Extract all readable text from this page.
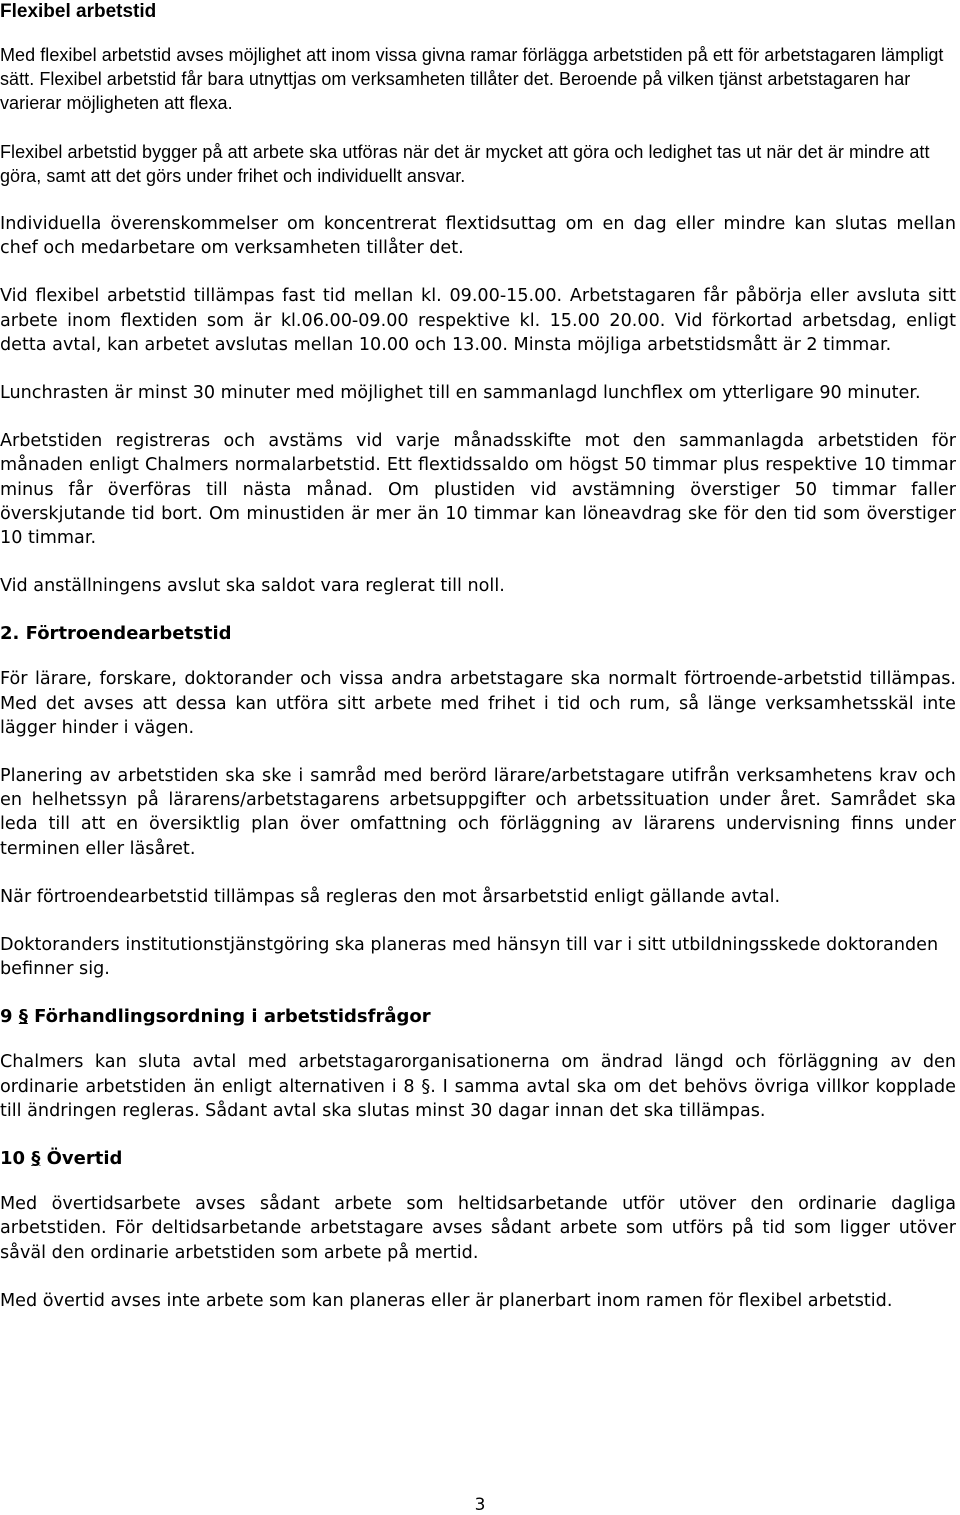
Flexibel arbetstid

Med flexibel arbetstid avses möjlighet att inom vissa givna ramar förlägga arbetstiden på ett för arbetstagaren lämpligt sätt. Flexibel arbetstid får bara utnyttjas om verksamheten tillåter det. Beroende på vilken tjänst arbetstagaren har varierar möjligheten att flexa.

Flexibel arbetstid bygger på att arbete ska utföras när det är mycket att göra och ledighet tas ut när det är mindre att göra, samt att det görs under frihet och individuellt ansvar.

Individuella överenskommelser om koncentrerat flextidsuttag om en dag eller mindre kan slutas mellan chef och medarbetare om verksamheten tillåter det.

Vid flexibel arbetstid tillämpas fast tid mellan kl. 09.00-15.00. Arbetstagaren får påbörja eller avsluta sitt arbete inom flextiden som är kl.06.00-09.00 respektive kl. 15.00 20.00. Vid förkortad arbetsdag, enligt detta avtal, kan arbetet avslutas mellan 10.00 och 13.00. Minsta möjliga arbetstidsmått är 2 timmar.

Lunchrasten är minst 30 minuter med möjlighet till en sammanlagd lunchflex om ytterligare 90 minuter.

Arbetstiden registreras och avstäms vid varje månadsskifte mot den sammanlagda arbetstiden för månaden enligt Chalmers normalarbetstid. Ett flextidssaldo om högst 50 timmar plus respektive 10 timmar minus får överföras till nästa månad. Om plustiden vid avstämning överstiger 50 timmar faller överskjutande tid bort. Om minustiden är mer än 10 timmar kan löneavdrag ske för den tid som överstiger 10 timmar.

Vid anställningens avslut ska saldot vara reglerat till noll.

2. Förtroendearbetstid

För lärare, forskare, doktorander och vissa andra arbetstagare ska normalt förtroende-arbetstid tillämpas. Med det avses att dessa kan utföra sitt arbete med frihet i tid och rum, så länge verksamhetsskäl inte lägger hinder i vägen.

Planering av arbetstiden ska ske i samråd med berörd lärare/arbetstagare utifrån verksamhetens krav och en helhetssyn på lärarens/arbetstagarens arbetsuppgifter och arbetssituation under året. Samrådet ska leda till att en översiktlig plan över omfattning och förläggning av lärarens undervisning finns under terminen eller läsåret.

När förtroendearbetstid tillämpas så regleras den mot årsarbetstid enligt gällande avtal.

Doktoranders institutionstjänstgöring ska planeras med hänsyn till var i sitt utbildningsskede doktoranden befinner sig.

9 § Förhandlingsordning i arbetstidsfrågor

Chalmers kan sluta avtal med arbetstagarorganisationerna om ändrad längd och förläggning av den ordinarie arbetstiden än enligt alternativen i 8 §. I samma avtal ska om det behövs övriga villkor kopplade till ändringen regleras. Sådant avtal ska slutas minst 30 dagar innan det ska tillämpas.

10 § Övertid

Med övertidsarbete avses sådant arbete som heltidsarbetande utför utöver den ordinarie dagliga arbetstiden. För deltidsarbetande arbetstagare avses sådant arbete som utförs på tid som ligger utöver såväl den ordinarie arbetstiden som arbete på mertid.

Med övertid avses inte arbete som kan planeras eller är planerbart inom ramen för flexibel arbetstid.

3
